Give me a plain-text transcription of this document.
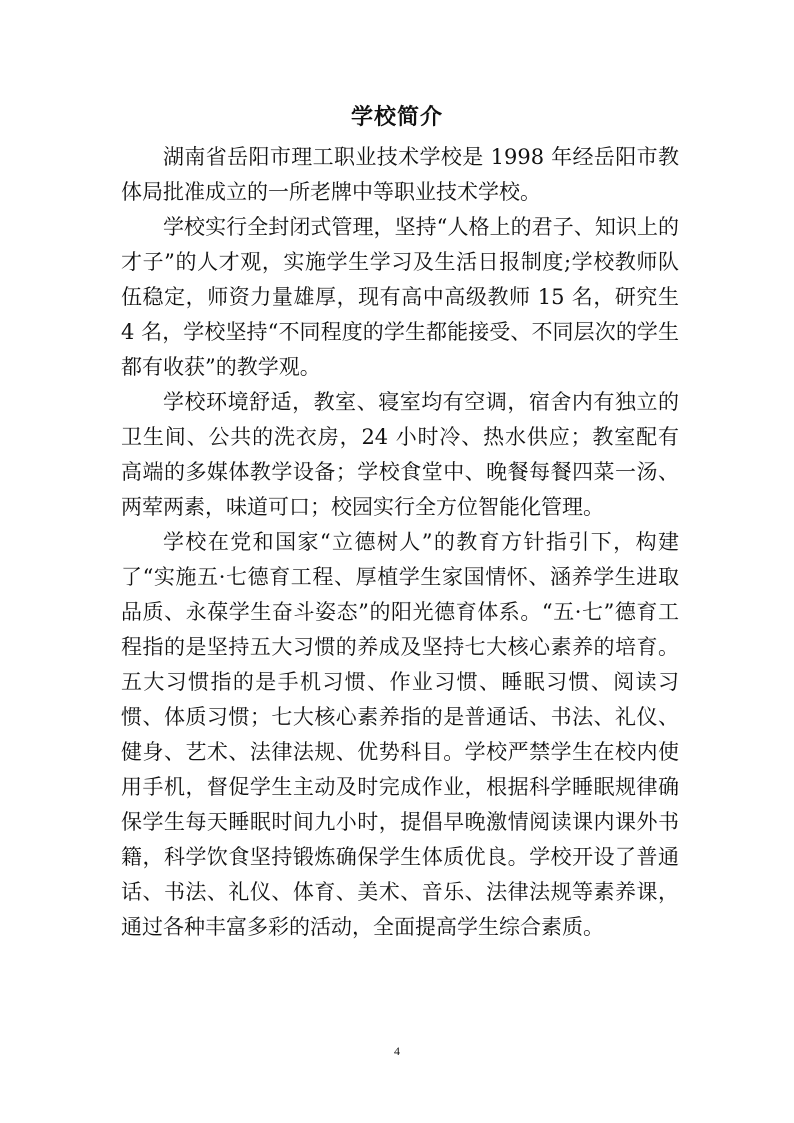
学校简介

湖南省岳阳市理工职业技术学校是 1998 年经岳阳市教体局批准成立的一所老牌中等职业技术学校。

学校实行全封闭式管理，坚持“人格上的君子、知识上的才子”的人才观，实施学生学习及生活日报制度;学校教师队伍稳定，师资力量雄厚，现有高中高级教师 15 名，研究生 4 名，学校坚持“不同程度的学生都能接受、不同层次的学生都有收获”的教学观。

学校环境舒适，教室、寝室均有空调，宿舍内有独立的卫生间、公共的洗衣房，24 小时冷、热水供应；教室配有高端的多媒体教学设备；学校食堂中、晚餐每餐四菜一汤、两荤两素，味道可口；校园实行全方位智能化管理。

学校在党和国家“立德树人”的教育方针指引下，构建了“实施五·七德育工程、厚植学生家国情怀、涵养学生进取品质、永葆学生奋斗姿态”的阳光德育体系。“五·七”德育工程指的是坚持五大习惯的养成及坚持七大核心素养的培育。五大习惯指的是手机习惯、作业习惯、睡眠习惯、阅读习惯、体质习惯；七大核心素养指的是普通话、书法、礼仪、健身、艺术、法律法规、优势科目。学校严禁学生在校内使用手机，督促学生主动及时完成作业，根据科学睡眠规律确保学生每天睡眠时间九小时，提倡早晚激情阅读课内课外书籍，科学饮食坚持锻炼确保学生体质优良。学校开设了普通话、书法、礼仪、体育、美术、音乐、法律法规等素养课，通过各种丰富多彩的活动，全面提高学生综合素质。

4
